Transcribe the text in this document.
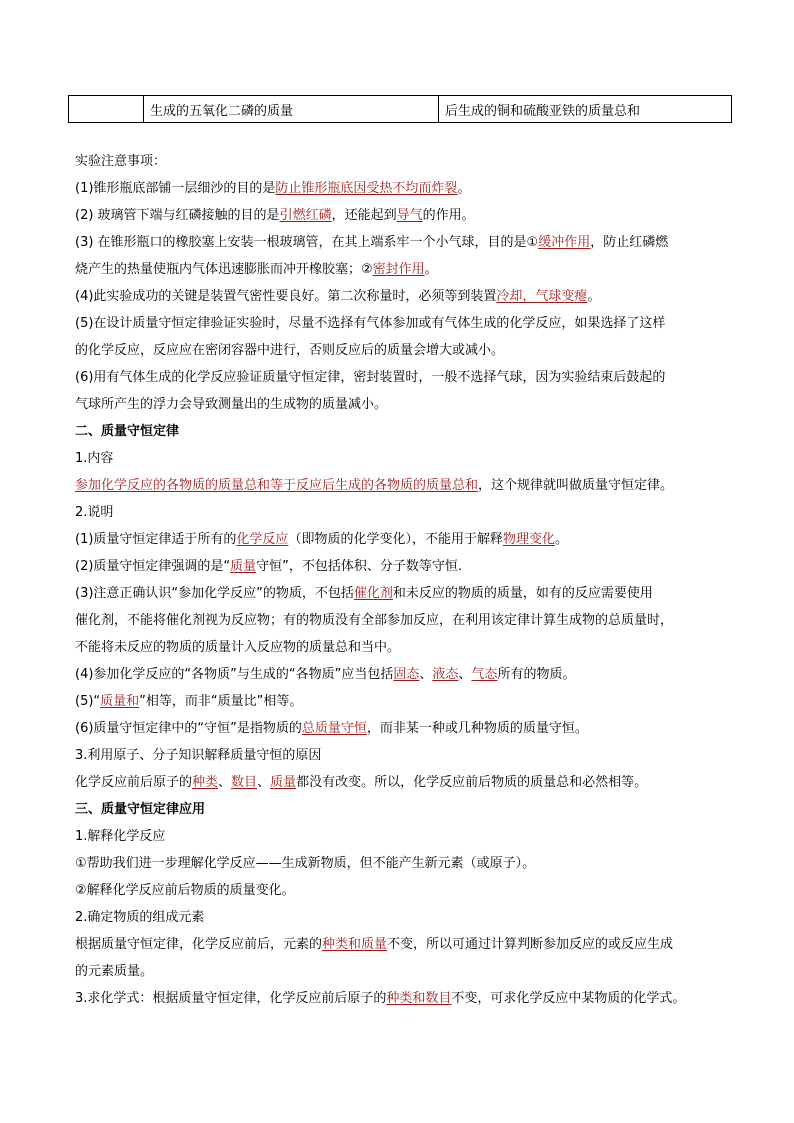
	生成的五氧化二磷的质量	后生成的铜和硫酸亚铁的质量总和
实验注意事项：
(1)锥形瓶底部铺一层细沙的目的是防止锥形瓶底因受热不均而炸裂。
(2) 玻璃管下端与红磷接触的目的是引燃红磷，还能起到导气的作用。
(3) 在锥形瓶口的橡胶塞上安装一根玻璃管，在其上端系牢一个小气球，目的是①缓冲作用，防止红磷燃
烧产生的热量使瓶内气体迅速膨胀而冲开橡胶塞；②密封作用。
(4)此实验成功的关键是装置气密性要良好。第二次称量时，必须等到装置冷却，气球变瘪。
(5)在设计质量守恒定律验证实验时，尽量不选择有气体参加或有气体生成的化学反应，如果选择了这样
的化学反应，反应应在密闭容器中进行，否则反应后的质量会增大或减小。
(6)用有气体生成的化学反应验证质量守恒定律，密封装置时，一般不选择气球，因为实验结束后鼓起的
气球所产生的浮力会导致测量出的生成物的质量减小。
二、质量守恒定律
1.内容
参加化学反应的各物质的质量总和等于反应后生成的各物质的质量总和，这个规律就叫做质量守恒定律。
2.说明
(1)质量守恒定律适于所有的化学反应（即物质的化学变化），不能用于解释物理变化。
(2)质量守恒定律强调的是“质量守恒”，不包括体积、分子数等守恒.
(3)注意正确认识“参加化学反应”的物质，不包括催化剂和未反应的物质的质量，如有的反应需要使用
催化剂，不能将催化剂视为反应物；有的物质没有全部参加反应，在利用该定律计算生成物的总质量时，
不能将未反应的物质的质量计入反应物的质量总和当中。
(4)参加化学反应的“各物质”与生成的“各物质”应当包括固态、液态、气态所有的物质。
(5)“质量和”相等，而非“质量比”相等。
(6)质量守恒定律中的“守恒”是指物质的总质量守恒，而非某一种或几种物质的质量守恒。
3.利用原子、分子知识解释质量守恒的原因
化学反应前后原子的种类、数目、质量都没有改变。所以，化学反应前后物质的质量总和必然相等。
三、质量守恒定律应用
1.解释化学反应
①帮助我们进一步理解化学反应——生成新物质，但不能产生新元素（或原子）。
②解释化学反应前后物质的质量变化。
2.确定物质的组成元素
根据质量守恒定律，化学反应前后，元素的种类和质量不变，所以可通过计算判断参加反应的或反应生成
的元素质量。
3.求化学式：根据质量守恒定律，化学反应前后原子的种类和数目不变，可求化学反应中某物质的化学式。
